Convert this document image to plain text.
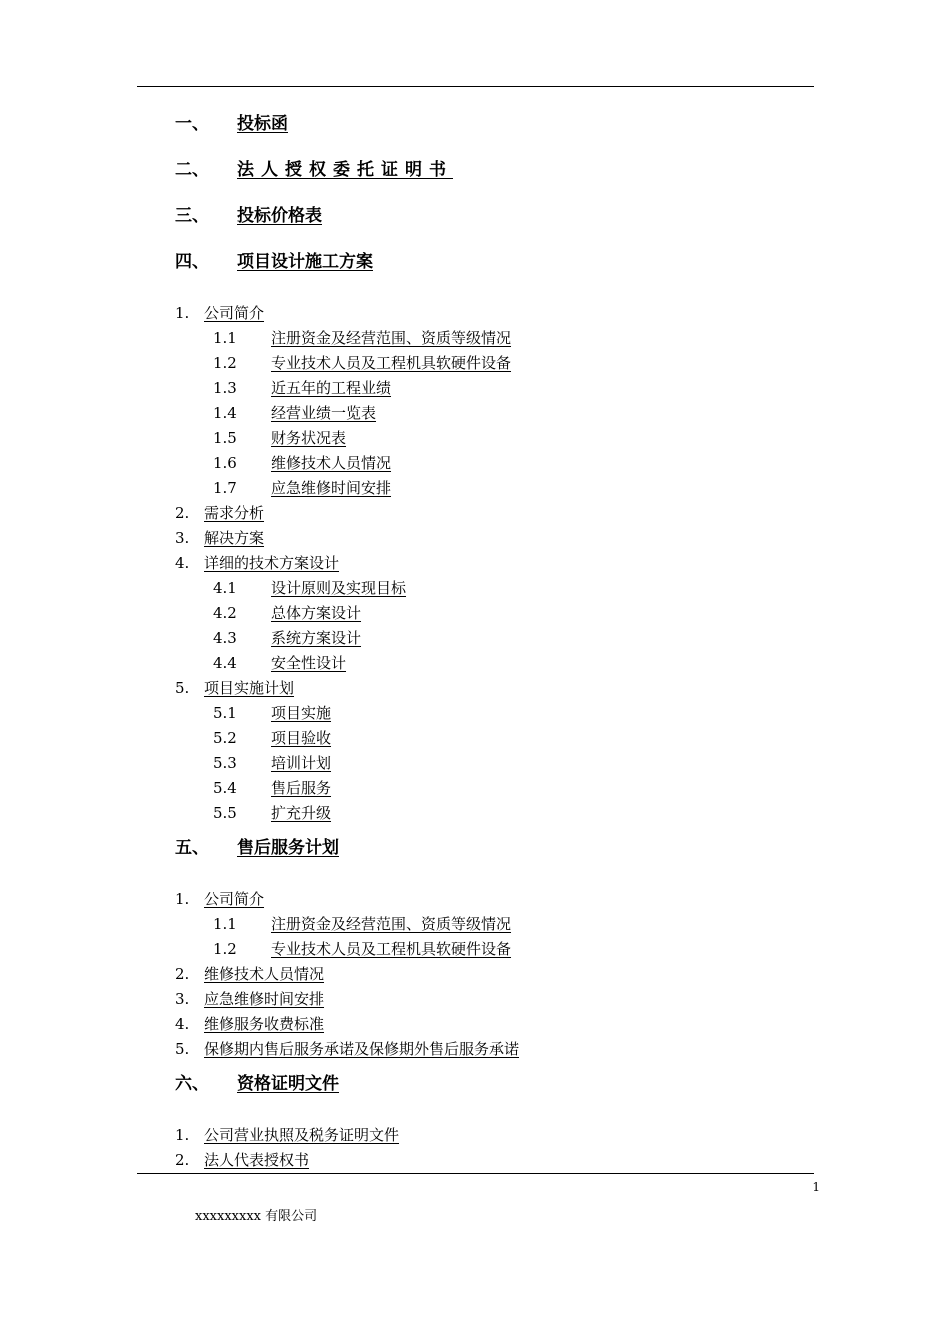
一、 投标函
二、 法人授权委托证明书
三、 投标价格表
四、 项目设计施工方案
1. 公司简介
1.1 注册资金及经营范围、资质等级情况
1.2 专业技术人员及工程机具软硬件设备
1.3 近五年的工程业绩
1.4 经营业绩一览表
1.5 财务状况表
1.6 维修技术人员情况
1.7 应急维修时间安排
2. 需求分析
3. 解决方案
4. 详细的技术方案设计
4.1 设计原则及实现目标
4.2 总体方案设计
4.3 系统方案设计
4.4 安全性设计
5. 项目实施计划
5.1 项目实施
5.2 项目验收
5.3 培训计划
5.4 售后服务
5.5 扩充升级
五、 售后服务计划
1. 公司简介
1.1 注册资金及经营范围、资质等级情况
1.2 专业技术人员及工程机具软硬件设备
2. 维修技术人员情况
3. 应急维修时间安排
4. 维修服务收费标准
5. 保修期内售后服务承诺及保修期外售后服务承诺
六、 资格证明文件
1. 公司营业执照及税务证明文件
2. 法人代表授权书
1
xxxxxxxxx 有限公司
